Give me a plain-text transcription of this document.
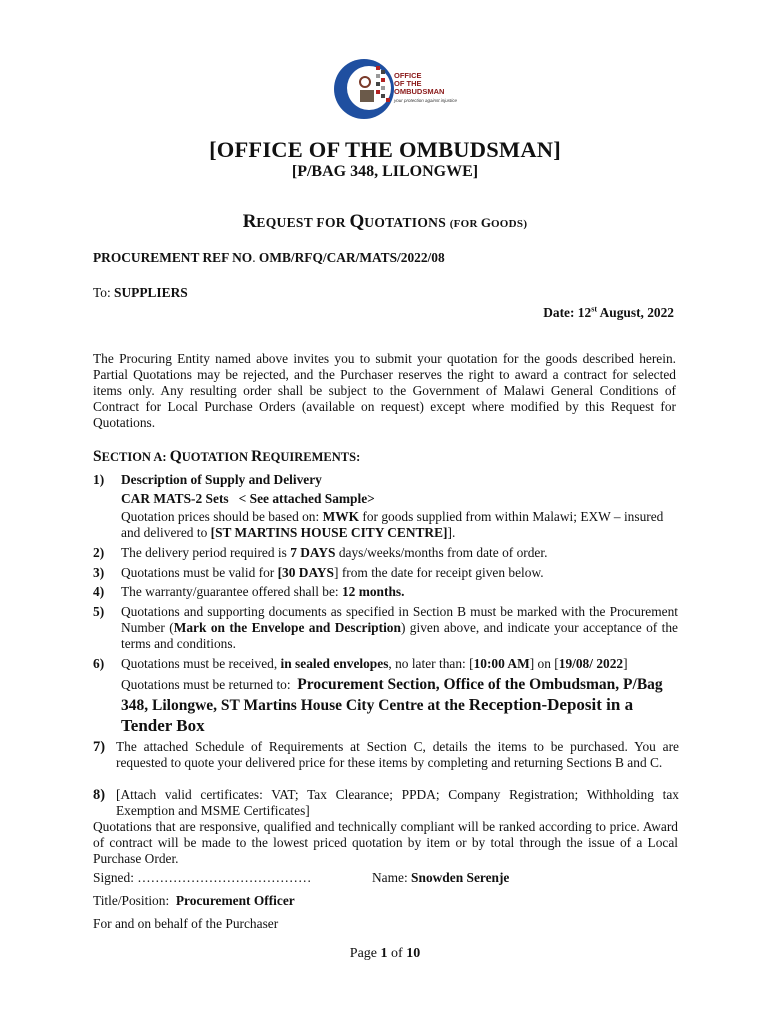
OFFICE
OF THE
OMBUDSMAN
your protection against injustice
[OFFICE OF THE OMBUDSMAN]
[P/BAG 348, LILONGWE]
REQUEST FOR QUOTATIONS (FOR GOODS)
PROCUREMENT REF NO. OMB/RFQ/CAR/MATS/2022/08
To: SUPPLIERS
Date: 12st August, 2022
The Procuring Entity named above invites you to submit your quotation for the goods described herein. Partial Quotations may be rejected, and the Purchaser reserves the right to award a contract for selected items only. Any resulting order shall be subject to the Government of Malawi General Conditions of Contract for Local Purchase Orders (available on request) except where modified by this Request for Quotations.
SECTION A: QUOTATION REQUIREMENTS:
1) Description of Supply and Delivery
CAR MATS-2 Sets   < See attached Sample>
Quotation prices should be based on: MWK for goods supplied from within Malawi; EXW – insured and delivered to [ST MARTINS HOUSE CITY CENTRE]].
2) The delivery period required is 7 DAYS days/weeks/months from date of order.
3) Quotations must be valid for [30 DAYS] from the date for receipt given below.
4) The warranty/guarantee offered shall be: 12 months.
5) Quotations and supporting documents as specified in Section B must be marked with the Procurement Number (Mark on the Envelope and Description) given above, and indicate your acceptance of the terms and conditions.
6) Quotations must be received, in sealed envelopes, no later than: [10:00 AM] on [19/08/ 2022]
Quotations must be returned to:  Procurement Section, Office of the Ombudsman, P/Bag 348, Lilongwe, ST Martins House City Centre at the Reception-Deposit in a Tender Box
7) The attached Schedule of Requirements at Section C, details the items to be purchased. You are requested to quote your delivered price for these items by completing and returning Sections B and C.
8) [Attach valid certificates: VAT; Tax Clearance; PPDA; Company Registration; Withholding tax Exemption and MSME Certificates]
Quotations that are responsive, qualified and technically compliant will be ranked according to price. Award of contract will be made to the lowest priced quotation by item or by total through the issue of a Local Purchase Order.
Signed: …………………………………	Name: Snowden Serenje
Title/Position:  Procurement Officer
For and on behalf of the Purchaser
Page 1 of 10
